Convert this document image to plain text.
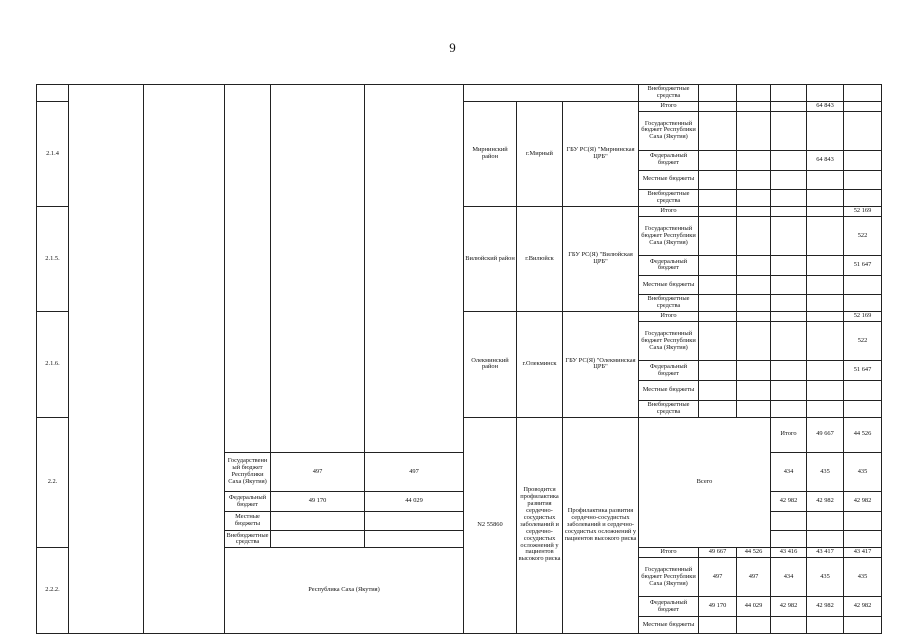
9
									Внебюджетные средства						
2.1.4						Мирнинский район	г.Мирный	ГБУ РС(Я) "Мирнинская ЦРБ"	Итого				64 843		
									Государственный бюджет Республики Саха (Якутия)						

									Федеральный бюджет				64 843		

									Местные бюджеты						

									Внебюджетные средства						
2.1.5.						Вилюйский район	г.Вилюйск	ГБУ РС(Я) "Вилюйская ЦРБ"	Итого					52 169	
									Государственный бюджет Республики Саха (Якутия)					522	

									Федеральный бюджет					51 647	

									Местные бюджеты						

									Внебюджетные средства						
2.1.6.						Олекминский район	г.Олекминск	ГБУ РС(Я) "Олекминская ЦРБ"	Итого					52 169	
									Государственный бюджет Республики Саха (Якутия)					522	

									Федеральный бюджет					51 647	

									Местные бюджеты						

									Внебюджетные средства						
2.2.						N2 55860	Проводится профилактика развития сердечно-сосудистых заболеваний и сердечно-сосудистых осложнений у пациентов высокого риска	Профилактика развития сердечно-сосудистых заболеваний и сердечно-сосудистых осложнений у пациентов высокого риска	Всего			Итого	49 667	44 526			
			Государственный бюджет Республики Саха (Якутия)	497	497							434	435	435	

			Федеральный бюджет	49 170	44 029							42 982	42 982	42 982	

			Местные бюджеты												

			Внебюджетные средства												
2.2.2.			Республика Саха (Якутия)						Итого	49 667	44 526	43 416	43 417	43 417	
									Государственный бюджет Республики Саха (Якутия)	497	497	434	435	435	

									Федеральный бюджет	49 170	44 029	42 982	42 982	42 982	

									Местные бюджеты						
